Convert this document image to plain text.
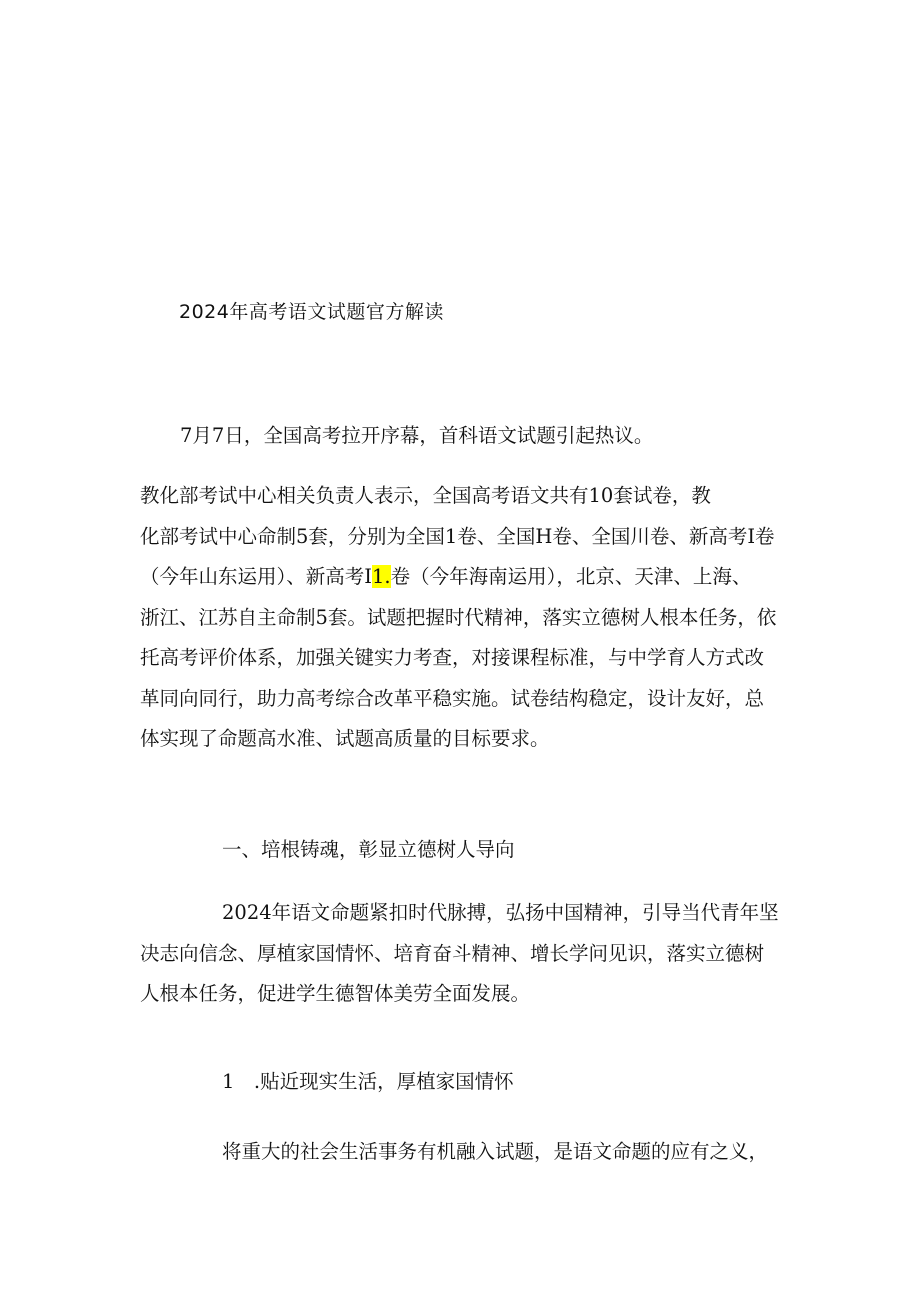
2024年高考语文试题官方解读
7月7日，全国高考拉开序幕，首科语文试题引起热议。
教化部考试中心相关负责人表示，全国高考语文共有10套试卷，教
化部考试中心命制5套，分别为全国1卷、全国H卷、全国川卷、新高考I卷
（今年山东运用）、新高考I1.卷（今年海南运用），北京、天津、上海、
浙江、江苏自主命制5套。试题把握时代精神，落实立德树人根本任务，依
托高考评价体系，加强关键实力考查，对接课程标准，与中学育人方式改
革同向同行，助力高考综合改革平稳实施。试卷结构稳定，设计友好，总
体实现了命题高水准、试题高质量的目标要求。
一、培根铸魂，彰显立德树人导向
2024年语文命题紧扣时代脉搏，弘扬中国精神，引导当代青年坚
决志向信念、厚植家国情怀、培育奋斗精神、增长学问见识，落实立德树
人根本任务，促进学生德智体美劳全面发展。
1　.贴近现实生活，厚植家国情怀
将重大的社会生活事务有机融入试题，是语文命题的应有之义，
